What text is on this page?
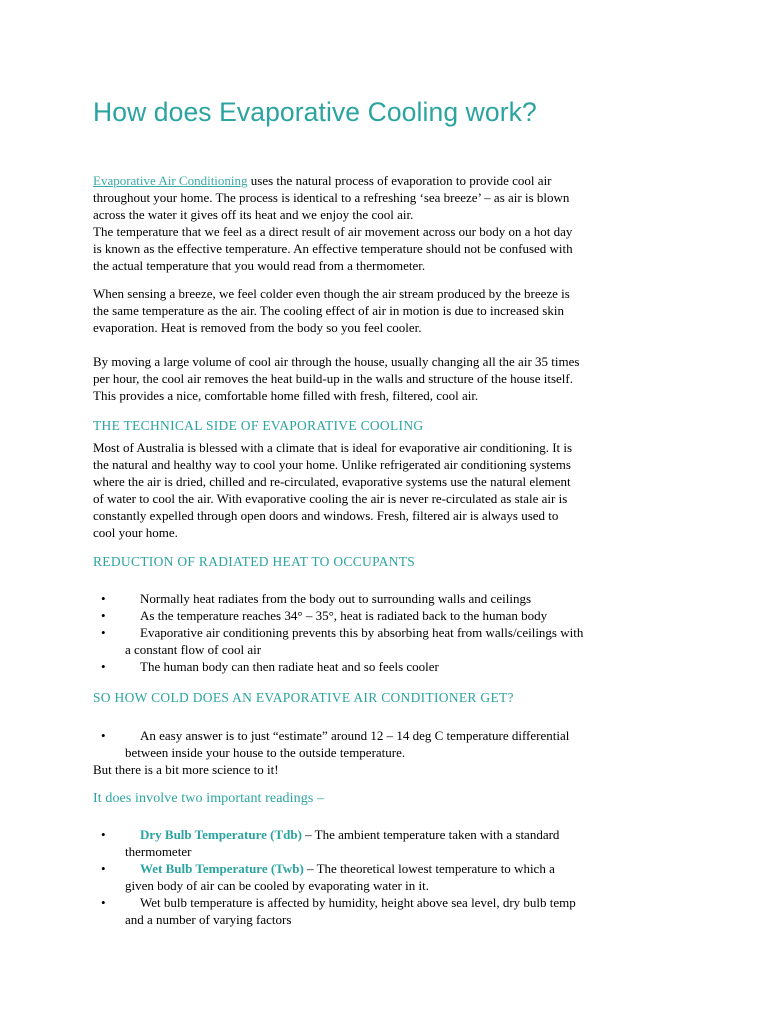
How does Evaporative Cooling work?

Evaporative Air Conditioning uses the natural process of evaporation to provide cool air
throughout your home. The process is identical to a refreshing ‘sea breeze’ – as air is blown
across the water it gives off its heat and we enjoy the cool air.
The temperature that we feel as a direct result of air movement across our body on a hot day
is known as the effective temperature. An effective temperature should not be confused with
the actual temperature that you would read from a thermometer.

When sensing a breeze, we feel colder even though the air stream produced by the breeze is
the same temperature as the air. The cooling effect of air in motion is due to increased skin
evaporation. Heat is removed from the body so you feel cooler.

By moving a large volume of cool air through the house, usually changing all the air 35 times
per hour, the cool air removes the heat build-up in the walls and structure of the house itself.
This provides a nice, comfortable home filled with fresh, filtered, cool air.

THE TECHNICAL SIDE OF EVAPORATIVE COOLING

Most of Australia is blessed with a climate that is ideal for evaporative air conditioning. It is
the natural and healthy way to cool your home. Unlike refrigerated air conditioning systems
where the air is dried, chilled and re-circulated, evaporative systems use the natural element
of water to cool the air. With evaporative cooling the air is never re-circulated as stale air is
constantly expelled through open doors and windows. Fresh, filtered air is always used to
cool your home.

REDUCTION OF RADIATED HEAT TO OCCUPANTS
•	Normally heat radiates from the body out to surrounding walls and ceilings
•	As the temperature reaches 34° – 35°, heat is radiated back to the human body
•	Evaporative air conditioning prevents this by absorbing heat from walls/ceilings with
a constant flow of cool air
•	The human body can then radiate heat and so feels cooler
SO HOW COLD DOES AN EVAPORATIVE AIR CONDITIONER GET?
•	An easy answer is to just “estimate” around 12 – 14 deg C temperature differential
between inside your house to the outside temperature.

But there is a bit more science to it!

It does involve two important readings –
•	Dry Bulb Temperature (Tdb) – The ambient temperature taken with a standard
thermometer
•	Wet Bulb Temperature (Twb) – The theoretical lowest temperature to which a
given body of air can be cooled by evaporating water in it.
•	Wet bulb temperature is affected by humidity, height above sea level, dry bulb temp
and a number of varying factors
